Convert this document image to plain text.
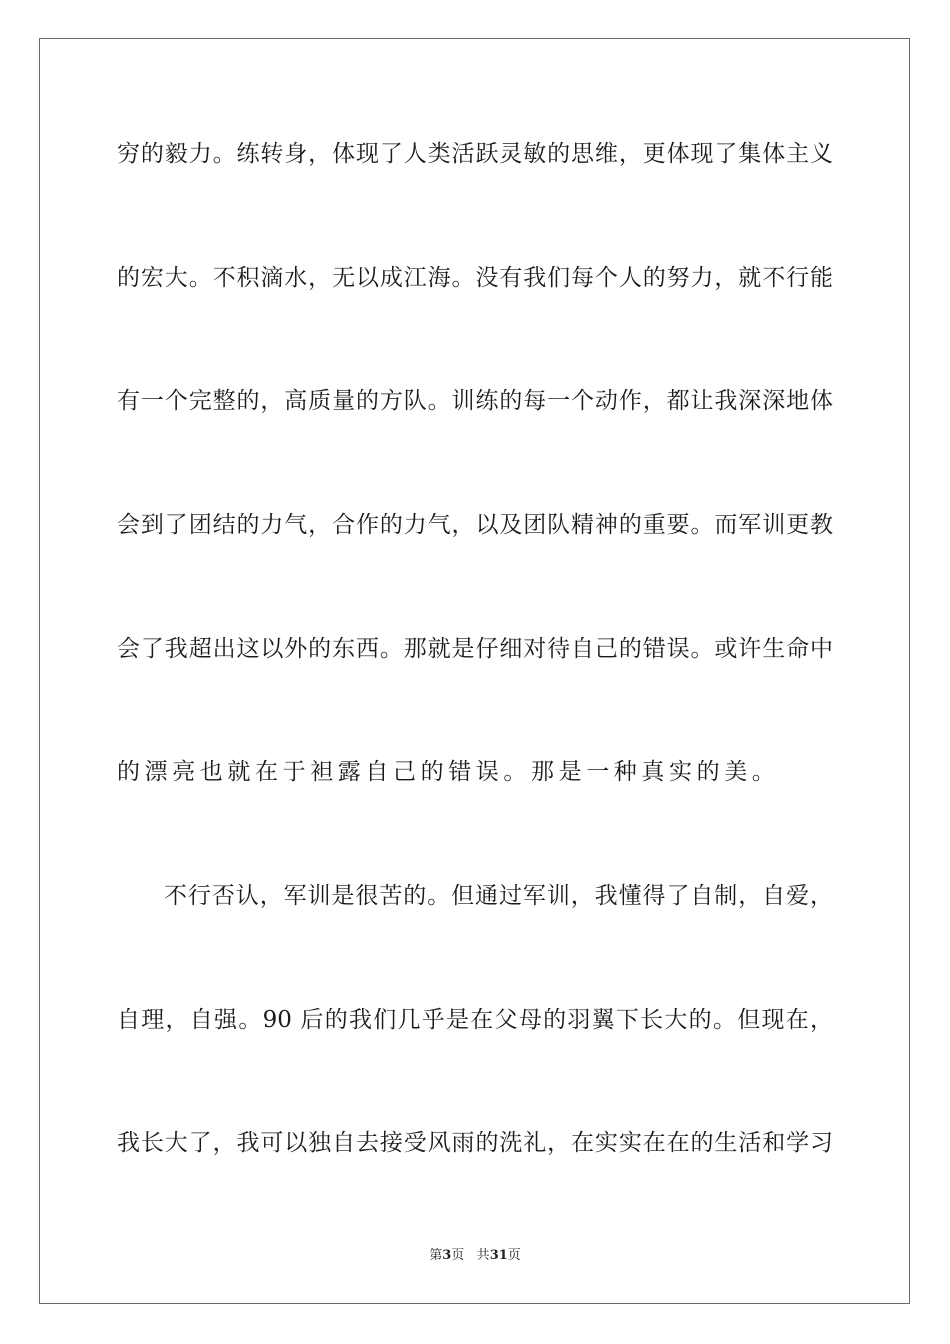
穷的毅力。练转身，体现了人类活跃灵敏的思维，更体现了集体主义
的宏大。不积滴水，无以成江海。没有我们每个人的努力，就不行能
有一个完整的，高质量的方队。训练的每一个动作，都让我深深地体
会到了团结的力气，合作的力气，以及团队精神的重要。而军训更教
会了我超出这以外的东西。那就是仔细对待自己的错误。或许生命中
的漂亮也就在于袒露自己的错误。那是一种真实的美。
不行否认，军训是很苦的。但通过军训，我懂得了自制，自爱，
自理，自强。90 后的我们几乎是在父母的羽翼下长大的。但现在，
我长大了，我可以独自去接受风雨的洗礼，在实实在在的生活和学习
第3页 共31页
